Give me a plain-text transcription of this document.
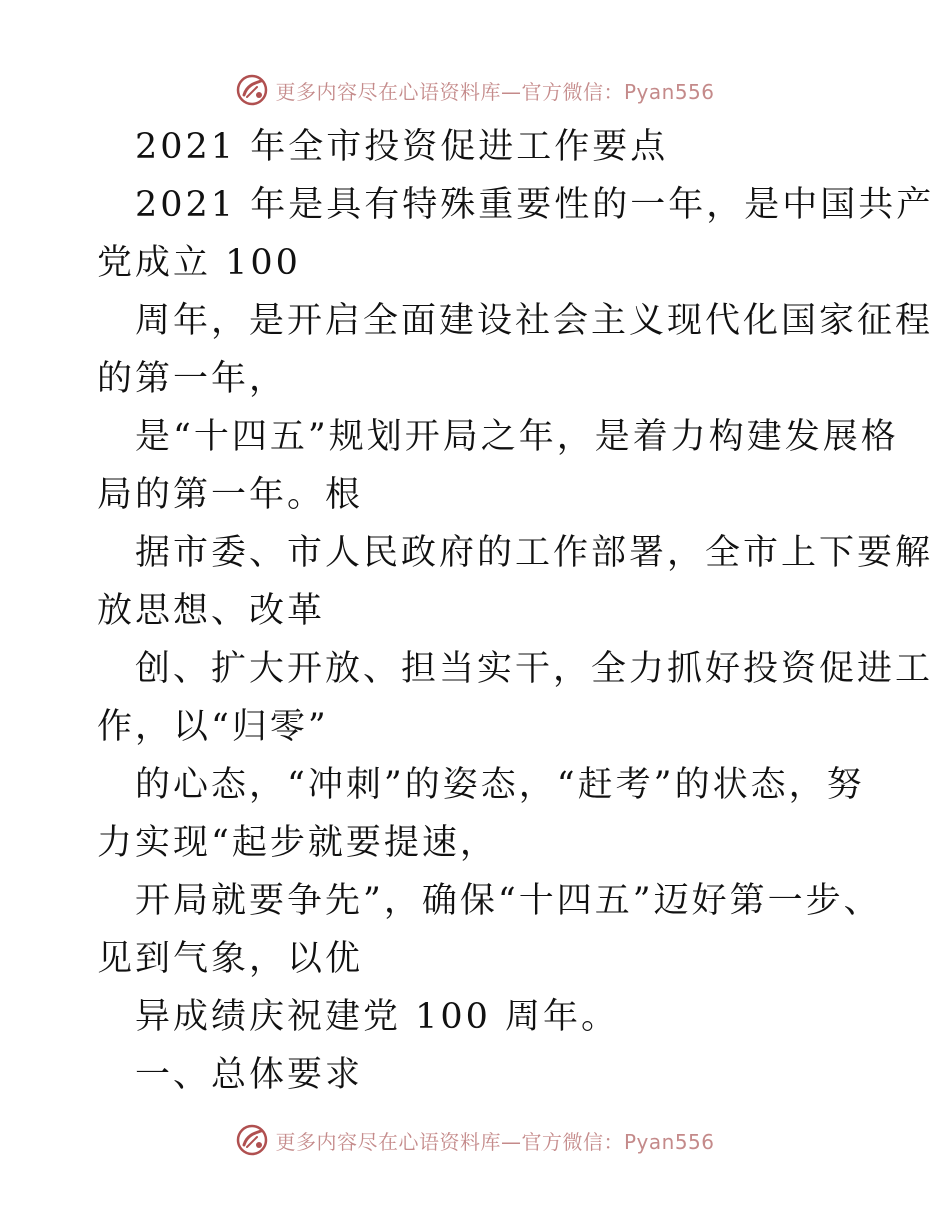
更多内容尽在心语资料库—官方微信：Pyan556
2021 年全市投资促进工作要点
2021 年是具有特殊重要性的一年，是中国共产
党成立 100
周年，是开启全面建设社会主义现代化国家征程
的第一年，
是“十四五”规划开局之年，是着力构建发展格
局的第一年。根
据市委、市人民政府的工作部署，全市上下要解
放思想、改革
创、扩大开放、担当实干，全力抓好投资促进工
作，以“归零”
的心态，“冲刺”的姿态，“赶考”的状态，努
力实现“起步就要提速，
开局就要争先”，确保“十四五”迈好第一步、
见到气象，以优
异成绩庆祝建党 100 周年。
一、总体要求
更多内容尽在心语资料库—官方微信：Pyan556
